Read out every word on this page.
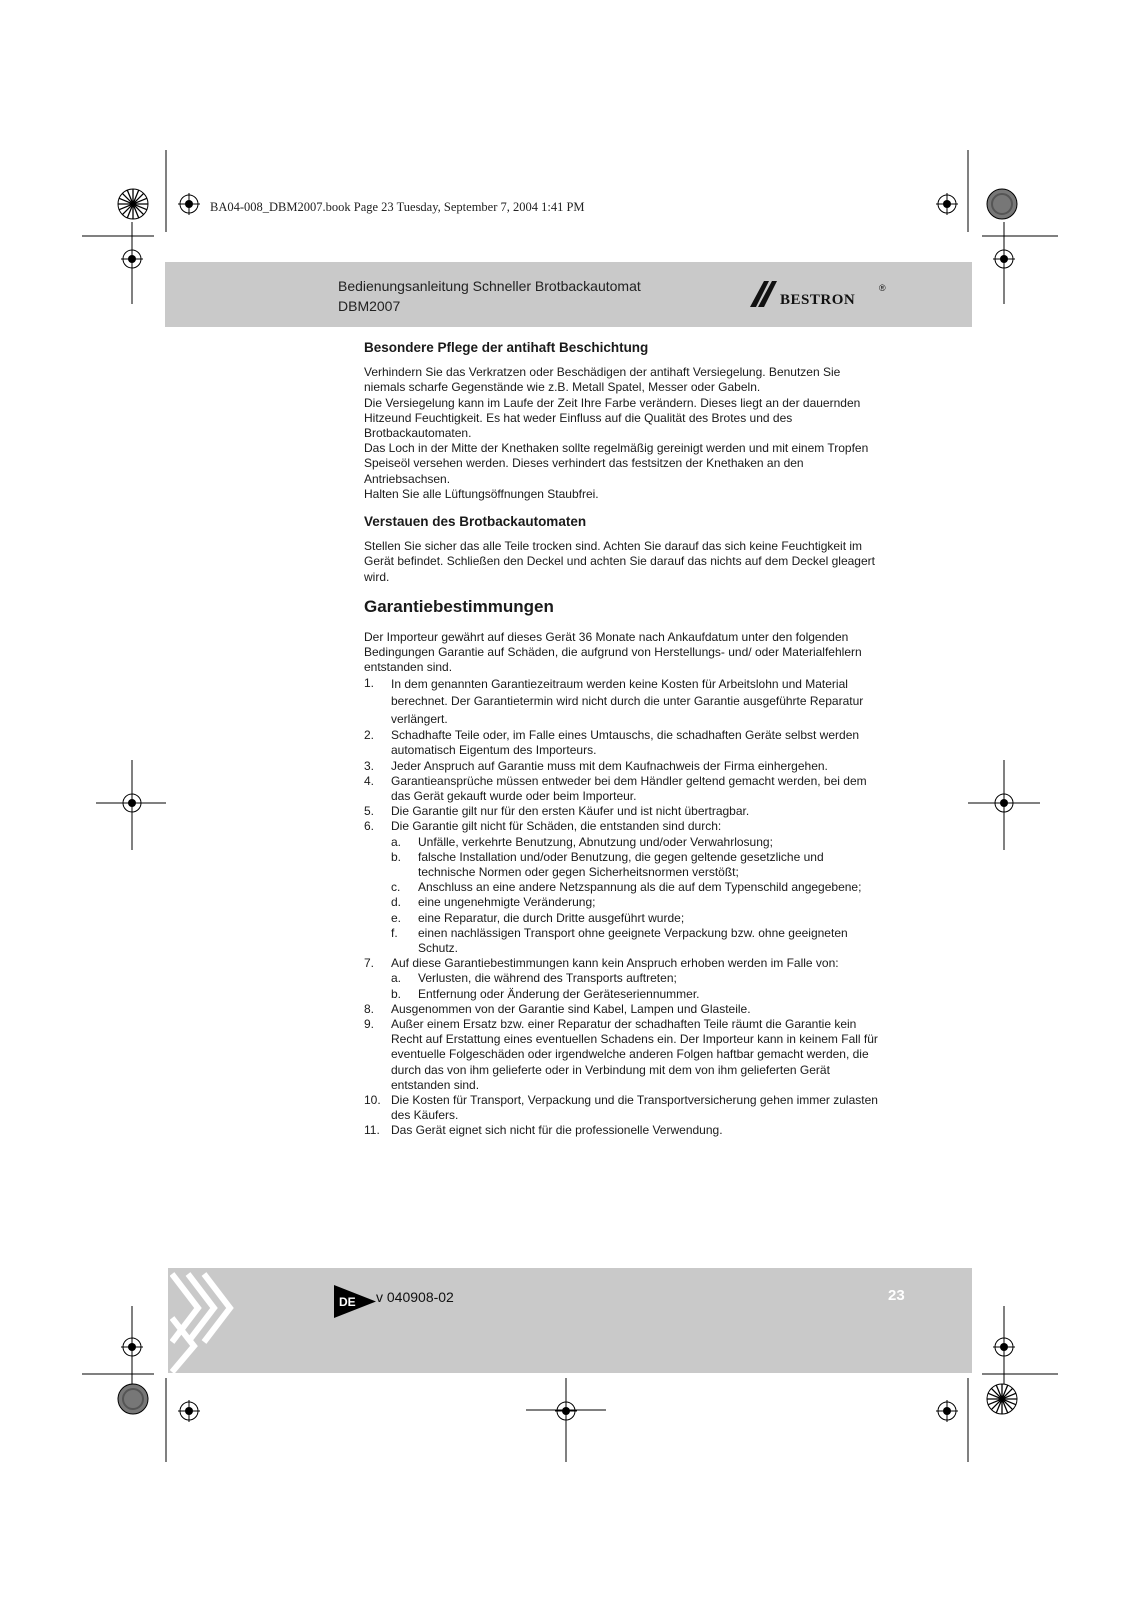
BA04-008_DBM2007.book Page 23 Tuesday, September 7, 2004 1:41 PM
Bedienungsanleitung Schneller Brotbackautomat
DBM2007	bestron	®
Besondere Pflege der antihaft Beschichtung

Verhindern Sie das Verkratzen oder Beschädigen der antihaft Versiegelung. Benutzen Sie niemals scharfe Gegenstände wie z.B. Metall Spatel, Messer oder Gabeln.

Die Versiegelung kann im Laufe der Zeit Ihre Farbe verändern. Dieses liegt an der dauernden Hitzeund Feuchtigkeit. Es hat weder Einfluss auf die Qualität des Brotes und des Brotbackautomaten.

Das Loch in der Mitte der Knethaken sollte regelmäßig gereinigt werden und mit einem Tropfen Speiseöl versehen werden. Dieses verhindert das festsitzen der Knethaken an den Antriebsachsen.

Halten Sie alle Lüftungsöffnungen Staubfrei.

Verstauen des Brotbackautomaten

Stellen Sie sicher das alle Teile trocken sind. Achten Sie darauf das sich keine Feuchtigkeit im Gerät befindet. Schließen den Deckel und achten Sie darauf das nichts auf dem Deckel gleagert wird.

Garantiebestimmungen

Der Importeur gewährt auf dieses Gerät 36 Monate nach Ankaufdatum unter den folgenden Bedingungen Garantie auf Schäden, die aufgrund von Herstellungs- und/ oder Materialfehlern entstanden sind.

1.	In dem genannten Garantiezeitraum werden keine Kosten für Arbeitslohn und Material berechnet. Der Garantietermin wird nicht durch die unter Garantie ausgeführte Reparatur verlängert.
2.	Schadhafte Teile oder, im Falle eines Umtauschs, die schadhaften Geräte selbst werden automatisch Eigentum des Importeurs.
3.	Jeder Anspruch auf Garantie muss mit dem Kaufnachweis der Firma einhergehen.
4.	Garantieansprüche müssen entweder bei dem Händler geltend gemacht werden, bei dem das Gerät gekauft wurde oder beim Importeur.
5.	Die Garantie gilt nur für den ersten Käufer und ist nicht übertragbar.
6.	Die Garantie gilt nicht für Schäden, die entstanden sind durch:
a.	Unfälle, verkehrte Benutzung, Abnutzung und/oder Verwahrlosung;
b.	falsche Installation und/oder Benutzung, die gegen geltende gesetzliche und technische Normen oder gegen Sicherheitsnormen verstößt;
c.	Anschluss an eine andere Netzspannung als die auf dem Typenschild angegebene;
d.	eine ungenehmigte Veränderung;
e.	eine Reparatur, die durch Dritte ausgeführt wurde;
f.	einen nachlässigen Transport ohne geeignete Verpackung bzw. ohne geeigneten Schutz.
7.	Auf diese Garantiebestimmungen kann kein Anspruch erhoben werden im Falle von:
a.	Verlusten, die während des Transports auftreten;
b.	Entfernung oder Änderung der Geräteseriennummer.
8.	Ausgenommen von der Garantie sind Kabel, Lampen und Glasteile.
9.	Außer einem Ersatz bzw. einer Reparatur der schadhaften Teile räumt die Garantie kein Recht auf Erstattung eines eventuellen Schadens ein. Der Importeur kann in keinem Fall für eventuelle Folgeschäden oder irgendwelche anderen Folgen haftbar gemacht werden, die durch das von ihm gelieferte oder in Verbindung mit dem von ihm gelieferten Gerät entstanden sind.
10. Die Kosten für Transport, Verpackung und die Transportversicherung gehen immer zulasten des Käufers.
11. Das Gerät eignet sich nicht für die professionelle Verwendung.
DE v 040908-02	23
